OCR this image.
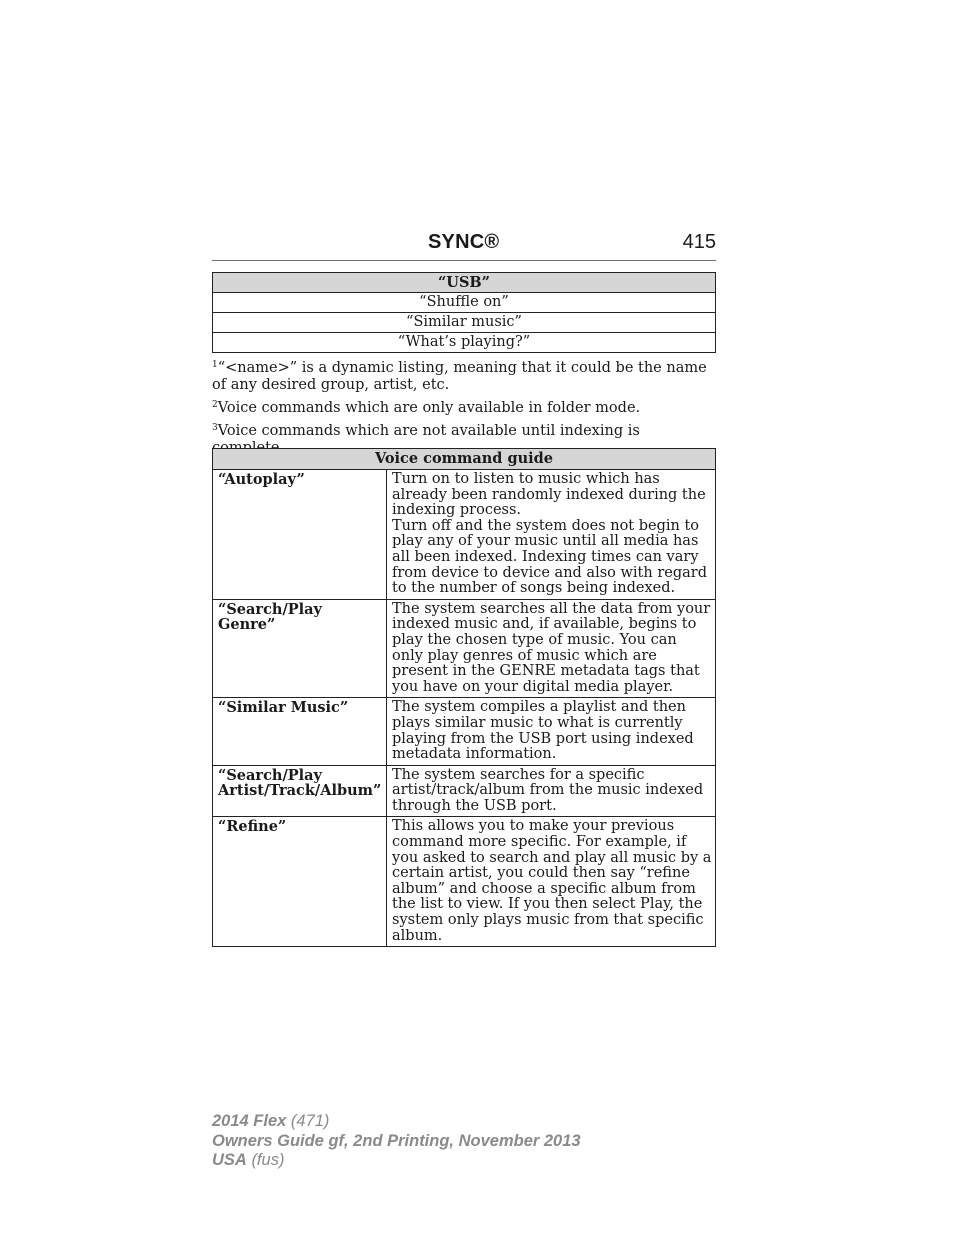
SYNC®	415
“USB”
“Shuffle on”
“Similar music”
“What’s playing?”

$^1$“<name>” is a dynamic listing, meaning that it could be the name of any desired group, artist, etc.

$^2$Voice commands which are only available in folder mode.

$^3$Voice commands which are not available until indexing is

Voice command guide	
“Autoplay”	Turn on to listen to music which has already been randomly indexed during the indexing process.
Turn off and the system does not begin to play any of your music until all media has all been indexed. Indexing times can vary from device to device and also with regard to the number of songs being indexed.

“Search/Play Genre”	The system searches all the data from your indexed music and, if available, begins to play the chosen type of music. You can only play genres of music which are present in the GENRE metadata tags that you have on your digital media player.

“Similar Music”	The system compiles a playlist and then plays similar music to what is currently playing from the USB port using indexed metadata information.

“Search/Play Artist/Track/Album”	The system searches for a specific artist/track/album from the music indexed through the USB port.

“Refine”	This allows you to make your previous command more specific. For example, if you asked to search and play all music by a certain artist, you could then say “refine album” and choose a specific album from the list to view. If you then select Play, the system only plays music from that specific album.
2014 Flex (471)
Owners Guide gf, 2nd Printing, November 2013
USA (fus)
